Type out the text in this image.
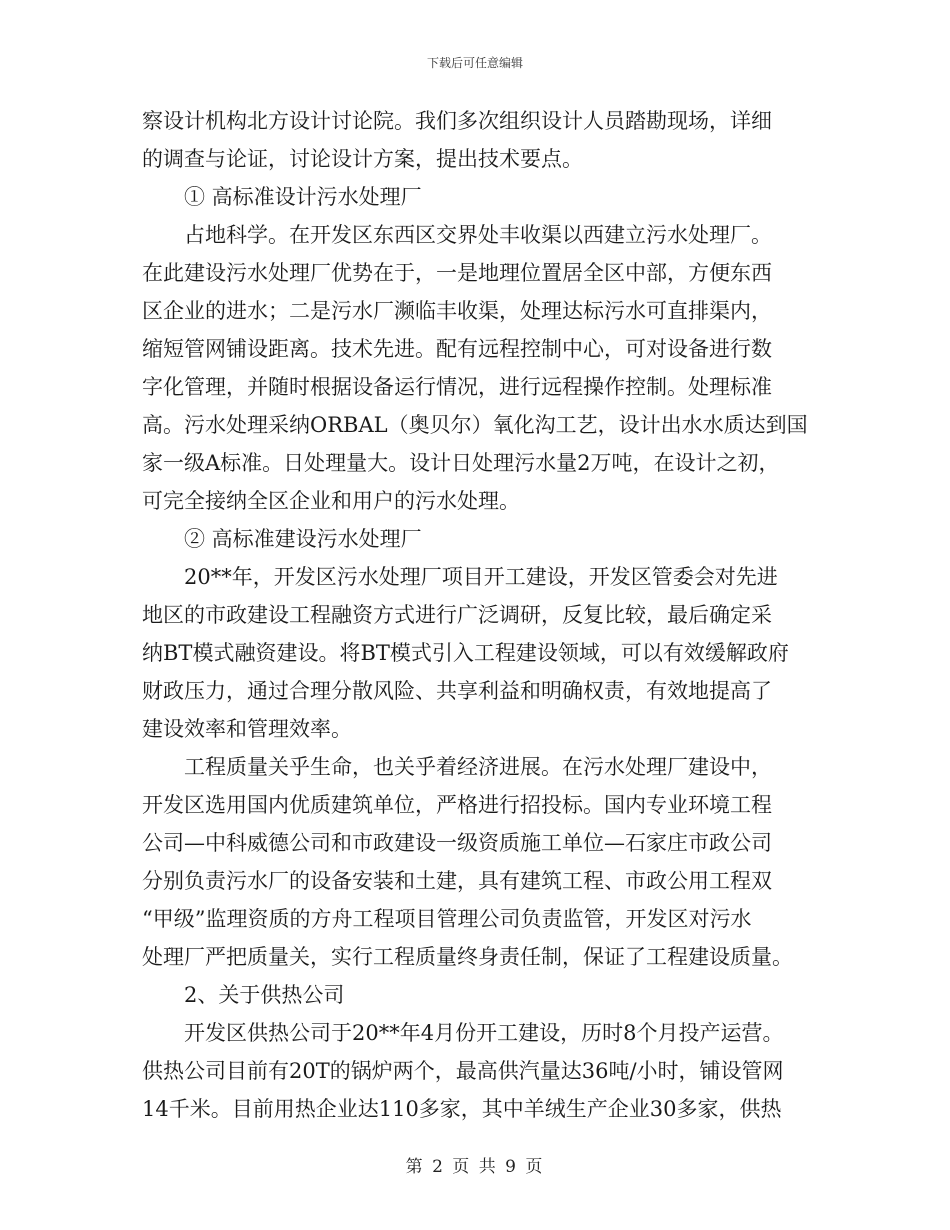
下载后可任意编辑
察设计机构北方设计讨论院。我们多次组织设计人员踏勘现场，详细
的调查与论证，讨论设计方案，提出技术要点。
① 高标准设计污水处理厂
占地科学。在开发区东西区交界处丰收渠以西建立污水处理厂。
在此建设污水处理厂优势在于，一是地理位置居全区中部，方便东西
区企业的进水；二是污水厂濒临丰收渠，处理达标污水可直排渠内，
缩短管网铺设距离。技术先进。配有远程控制中心，可对设备进行数
字化管理，并随时根据设备运行情况，进行远程操作控制。处理标准
高。污水处理采纳ORBAL（奥贝尔）氧化沟工艺，设计出水水质达到国
家一级A标准。日处理量大。设计日处理污水量2万吨，在设计之初，
可完全接纳全区企业和用户的污水处理。
② 高标准建设污水处理厂
20**年，开发区污水处理厂项目开工建设，开发区管委会对先进
地区的市政建设工程融资方式进行广泛调研，反复比较，最后确定采
纳BT模式融资建设。将BT模式引入工程建设领域，可以有效缓解政府
财政压力，通过合理分散风险、共享利益和明确权责，有效地提高了
建设效率和管理效率。
工程质量关乎生命，也关乎着经济进展。在污水处理厂建设中，
开发区选用国内优质建筑单位，严格进行招投标。国内专业环境工程
公司—中科威德公司和市政建设一级资质施工单位—石家庄市政公司
分别负责污水厂的设备安装和土建，具有建筑工程、市政公用工程双
“甲级”监理资质的方舟工程项目管理公司负责监管，开发区对污水
处理厂严把质量关，实行工程质量终身责任制，保证了工程建设质量。
2、关于供热公司
开发区供热公司于20**年4月份开工建设，历时8个月投产运营。
供热公司目前有20T的锅炉两个，最高供汽量达36吨/小时，铺设管网
14千米。目前用热企业达110多家，其中羊绒生产企业30多家，供热
第 2 页 共 9 页
